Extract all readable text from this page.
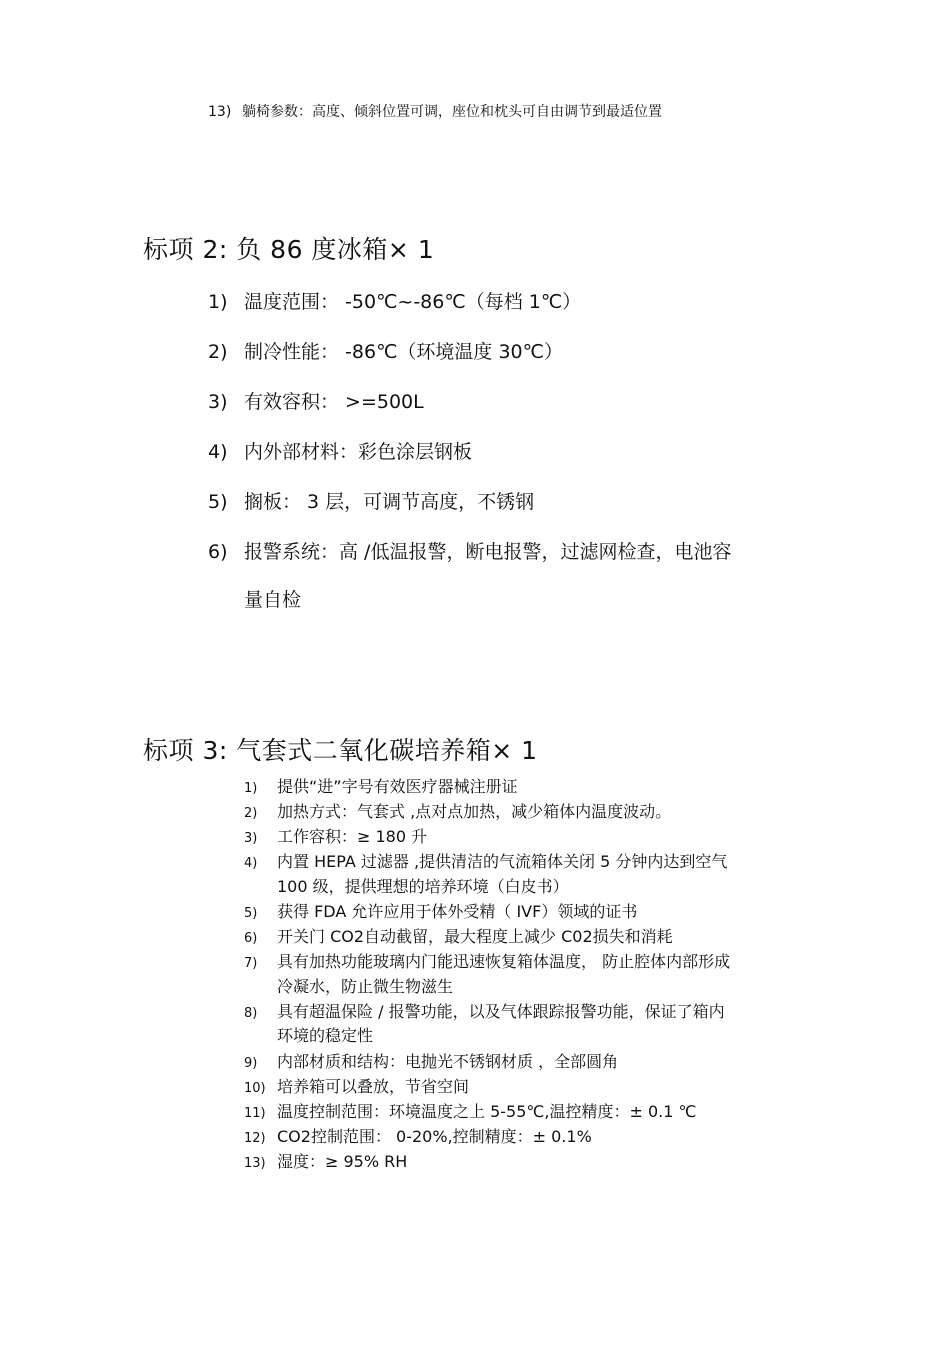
13) 躺椅参数：高度、倾斜位置可调，座位和枕头可自由调节到最适位置
标项 2: 负 86 度冰箱× 1
1) 温度范围： -50℃~-86℃（每档 1℃）
2) 制冷性能： -86℃（环境温度 30℃）
3) 有效容积： >=500L
4) 内外部材料：彩色涂层钢板
5) 搁板： 3 层，可调节高度，不锈钢
6) 报警系统：高 /低温报警，断电报警，过滤网检查，电池容
量自检
标项 3: 气套式二氧化碳培养箱× 1
1) 提供“进”字号有效医疗器械注册证
2) 加热方式：气套式 ,点对点加热，减少箱体内温度波动。
3) 工作容积：≥ 180 升
4) 内置 HEPA 过滤器 ,提供清洁的气流箱体关闭 5 分钟内达到空气
100 级，提供理想的培养环境（白皮书）
5) 获得 FDA 允许应用于体外受精（ IVF）领域的证书
6) 开关门 CO2自动截留，最大程度上减少 C02损失和消耗
7) 具有加热功能玻璃内门能迅速恢复箱体温度， 防止腔体内部形成
冷凝水，防止微生物滋生
8) 具有超温保险 / 报警功能，以及气体跟踪报警功能，保证了箱内
环境的稳定性
9) 内部材质和结构：电抛光不锈钢材质 ，全部圆角
10) 培养箱可以叠放，节省空间
11) 温度控制范围：环境温度之上 5-55℃,温控精度：± 0.1 ℃
12) CO2控制范围： 0-20%,控制精度：± 0.1%
13) 湿度：≥ 95% RH
